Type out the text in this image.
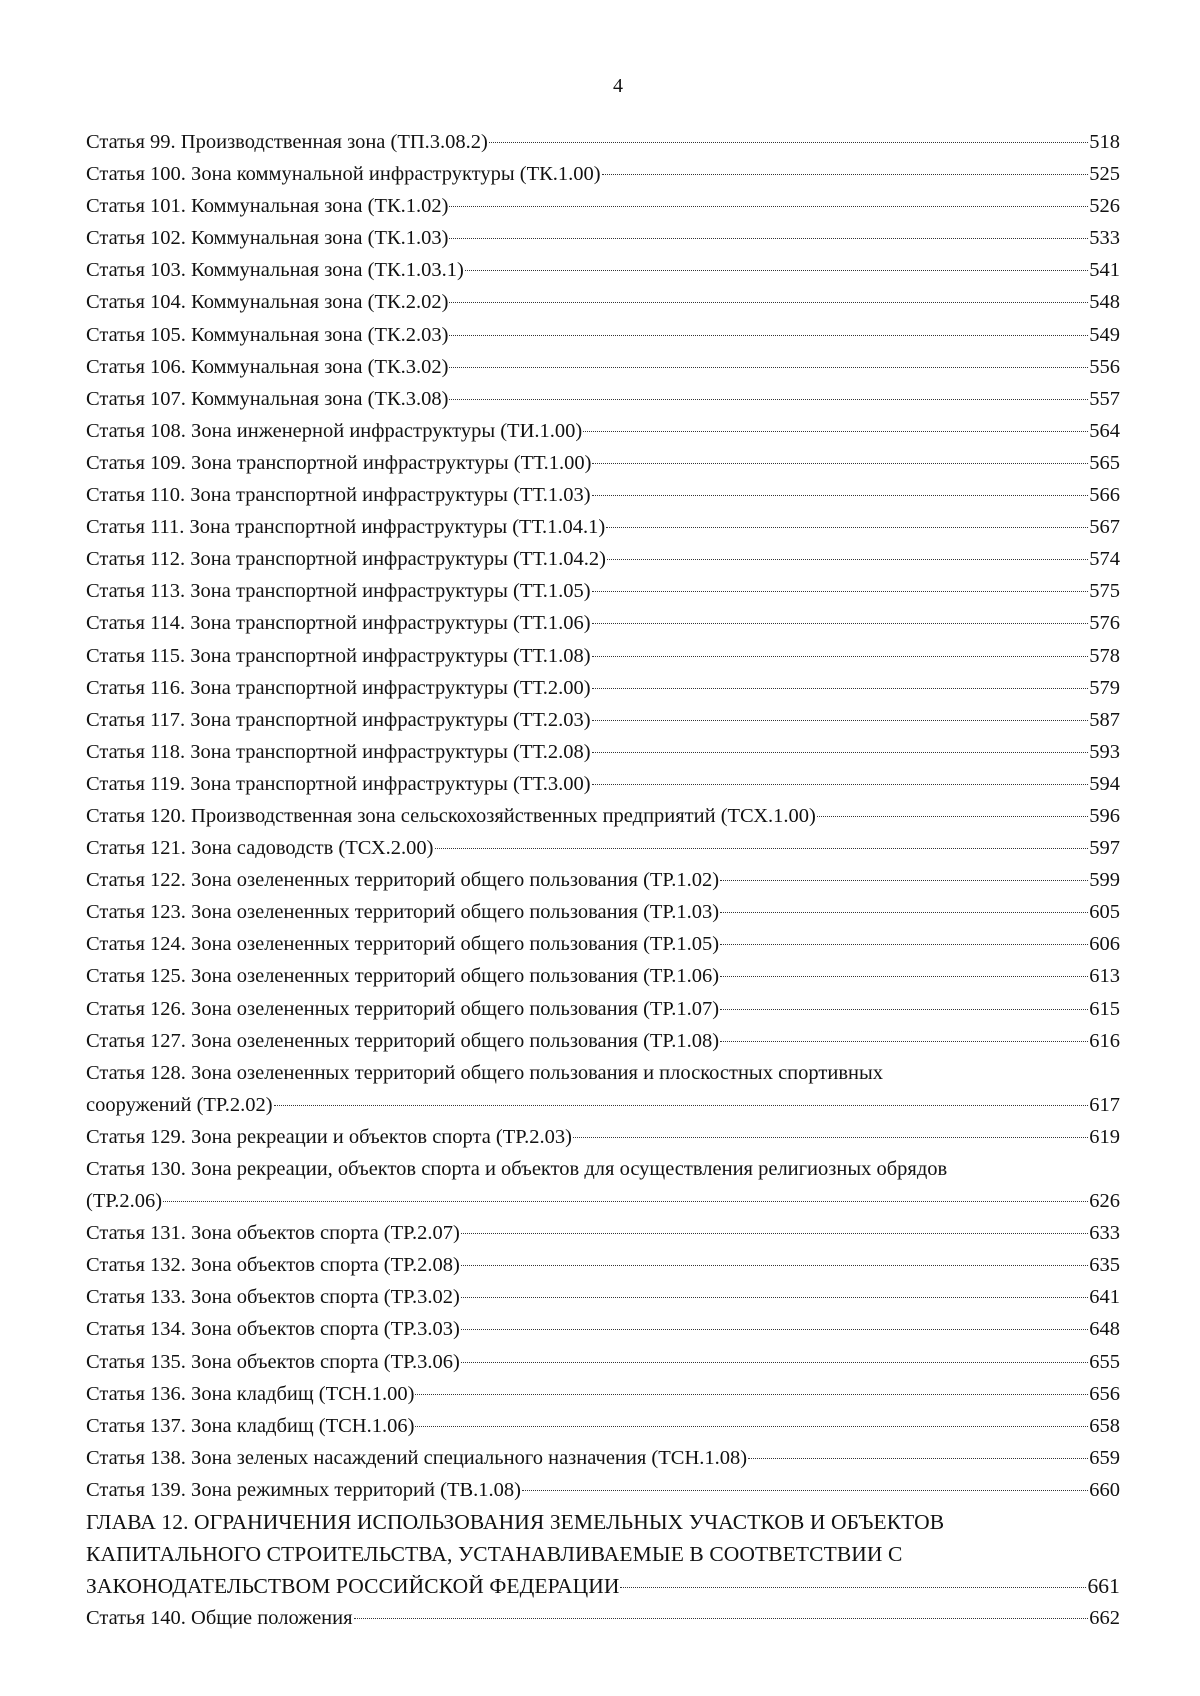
4
Статья 99. Производственная зона (ТП.3.08.2)	518
Статья 100. Зона коммунальной инфраструктуры (ТК.1.00)	525
Статья 101. Коммунальная зона (ТК.1.02)	526
Статья 102. Коммунальная зона (ТК.1.03)	533
Статья 103. Коммунальная зона (ТК.1.03.1)	541
Статья 104. Коммунальная зона (ТК.2.02)	548
Статья 105. Коммунальная зона (ТК.2.03)	549
Статья 106. Коммунальная зона (ТК.3.02)	556
Статья 107. Коммунальная зона (ТК.3.08)	557
Статья 108. Зона инженерной инфраструктуры (ТИ.1.00)	564
Статья 109. Зона транспортной инфраструктуры (ТТ.1.00)	565
Статья 110. Зона транспортной инфраструктуры (ТТ.1.03)	566
Статья 111. Зона транспортной инфраструктуры (ТТ.1.04.1)	567
Статья 112. Зона транспортной инфраструктуры (ТТ.1.04.2)	574
Статья 113. Зона транспортной инфраструктуры (ТТ.1.05)	575
Статья 114. Зона транспортной инфраструктуры (ТТ.1.06)	576
Статья 115. Зона транспортной инфраструктуры (ТТ.1.08)	578
Статья 116. Зона транспортной инфраструктуры (ТТ.2.00)	579
Статья 117. Зона транспортной инфраструктуры (ТТ.2.03)	587
Статья 118. Зона транспортной инфраструктуры (ТТ.2.08)	593
Статья 119. Зона транспортной инфраструктуры (ТТ.3.00)	594
Статья 120. Производственная зона сельскохозяйственных предприятий (ТСХ.1.00)	596
Статья 121. Зона садоводств (ТСХ.2.00)	597
Статья 122. Зона озелененных территорий общего пользования (ТР.1.02)	599
Статья 123. Зона озелененных территорий общего пользования (ТР.1.03)	605
Статья 124. Зона озелененных территорий общего пользования (ТР.1.05)	606
Статья 125. Зона озелененных территорий общего пользования (ТР.1.06)	613
Статья 126. Зона озелененных территорий общего пользования (ТР.1.07)	615
Статья 127. Зона озелененных территорий общего пользования (ТР.1.08)	616
Статья 128. Зона озелененных территорий общего пользования и плоскостных спортивных
сооружений (ТР.2.02)	617
Статья 129. Зона рекреации и объектов спорта (ТР.2.03)	619
Статья 130. Зона рекреации, объектов спорта и объектов для осуществления религиозных обрядов
(ТР.2.06)	626
Статья 131. Зона объектов спорта (ТР.2.07)	633
Статья 132. Зона объектов спорта (ТР.2.08)	635
Статья 133. Зона объектов спорта (ТР.3.02)	641
Статья 134. Зона объектов спорта (ТР.3.03)	648
Статья 135. Зона объектов спорта (ТР.3.06)	655
Статья 136. Зона кладбищ (ТСН.1.00)	656
Статья 137. Зона кладбищ (ТСН.1.06)	658
Статья 138. Зона зеленых насаждений специального назначения (ТСН.1.08)	659
Статья 139. Зона режимных территорий (ТВ.1.08)	660
ГЛАВА 12. ОГРАНИЧЕНИЯ ИСПОЛЬЗОВАНИЯ ЗЕМЕЛЬНЫХ УЧАСТКОВ И ОБЪЕКТОВ
КАПИТАЛЬНОГО СТРОИТЕЛЬСТВА, УСТАНАВЛИВАЕМЫЕ В СООТВЕТСТВИИ С
ЗАКОНОДАТЕЛЬСТВОМ РОССИЙСКОЙ ФЕДЕРАЦИИ	661
Статья 140. Общие положения	662
